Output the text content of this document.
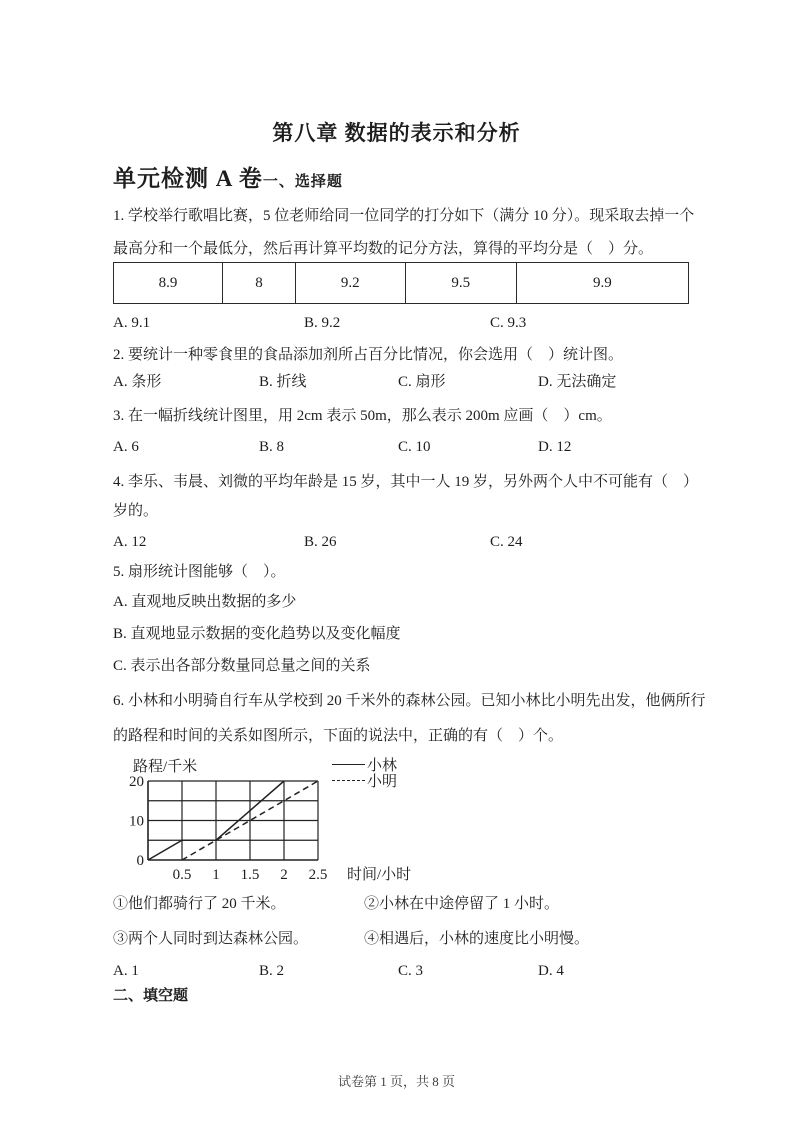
第八章 数据的表示和分析
单元检测 A 卷一、选择题
1. 学校举行歌唱比赛，5 位老师给同一位同学的打分如下（满分 10 分）。现采取去掉一个
最高分和一个最低分，然后再计算平均数的记分方法，算得的平均分是（　）分。
8.9	8	9.2	9.5	9.9
A. 9.1	B. 9.2	C. 9.3
2. 要统计一种零食里的食品添加剂所占百分比情况，你会选用（　）统计图。
A. 条形	B. 折线	C. 扇形	D. 无法确定
3. 在一幅折线统计图里，用 2cm 表示 50m，那么表示 200m 应画（　）cm。
A. 6	B. 8	C. 10	D. 12
4. 李乐、韦晨、刘微的平均年龄是 15 岁，其中一人 19 岁，另外两个人中不可能有（　）
岁的。
A. 12	B. 26	C. 24
5. 扇形统计图能够（　）。
A. 直观地反映出数据的多少
B. 直观地显示数据的变化趋势以及变化幅度
C. 表示出各部分数量同总量之间的关系
6. 小林和小明骑自行车从学校到 20 千米外的森林公园。已知小林比小明先出发，他俩所行
的路程和时间的关系如图所示，下面的说法中，正确的有（　）个。
路程/千米
0.5 1 1.5 2 2.5
0
10
20
时间/小时
小林
小明
①他们都骑行了 20 千米。	②小林在中途停留了 1 小时。
③两个人同时到达森林公园。	④相遇后，小林的速度比小明慢。
A. 1	B. 2	C. 3	D. 4
二、填空题
试卷第 1 页，共 8 页
